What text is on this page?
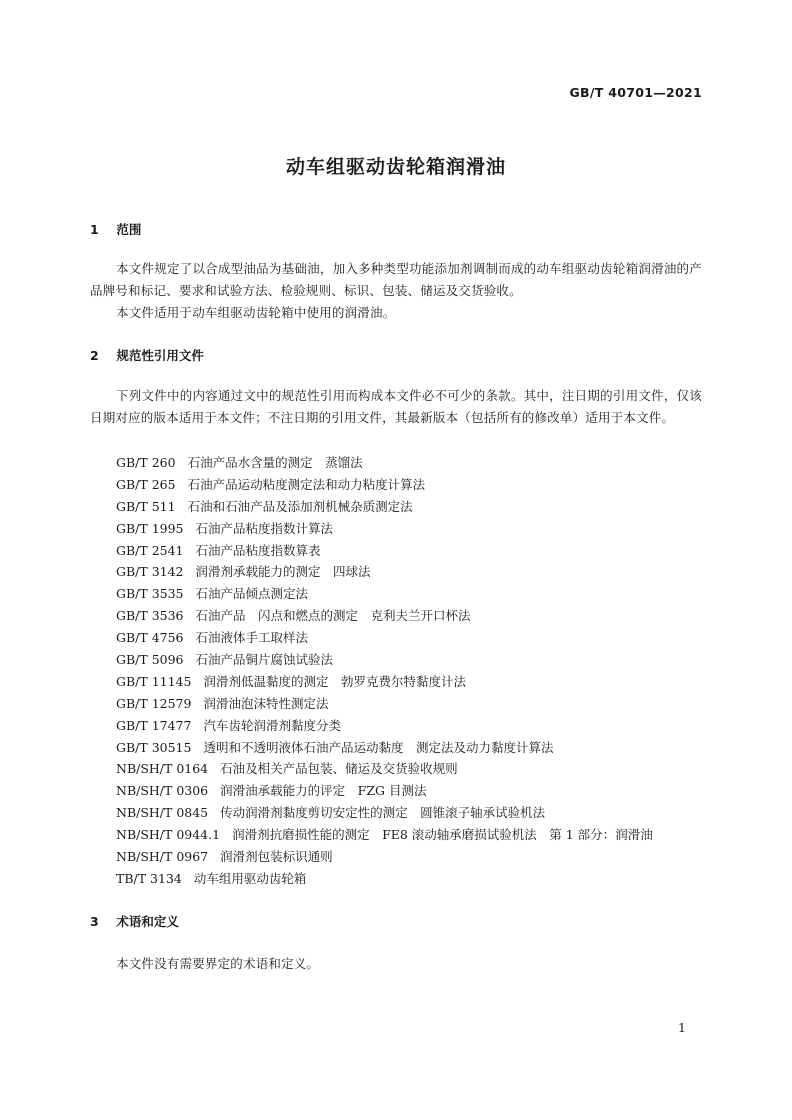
GB/T 40701—2021
动车组驱动齿轮箱润滑油
1 范围

本文件规定了以合成型油品为基础油，加入多种类型功能添加剂调制而成的动车组驱动齿轮箱润滑油的产品牌号和标记、要求和试验方法、检验规则、标识、包装、储运及交货验收。

本文件适用于动车组驱动齿轮箱中使用的润滑油。

2 规范性引用文件

下列文件中的内容通过文中的规范性引用而构成本文件必不可少的条款。其中，注日期的引用文件，仅该日期对应的版本适用于本文件；不注日期的引用文件，其最新版本（包括所有的修改单）适用于本文件。

GB/T 260 石油产品水含量的测定　蒸馏法
GB/T 265 石油产品运动粘度测定法和动力粘度计算法
GB/T 511 石油和石油产品及添加剂机械杂质测定法
GB/T 1995 石油产品粘度指数计算法
GB/T 2541 石油产品粘度指数算表
GB/T 3142 润滑剂承载能力的测定　四球法
GB/T 3535 石油产品倾点测定法
GB/T 3536 石油产品　闪点和燃点的测定　克利夫兰开口杯法
GB/T 4756 石油液体手工取样法
GB/T 5096 石油产品铜片腐蚀试验法
GB/T 11145 润滑剂低温黏度的测定　勃罗克费尔特黏度计法
GB/T 12579 润滑油泡沫特性测定法
GB/T 17477 汽车齿轮润滑剂黏度分类
GB/T 30515 透明和不透明液体石油产品运动黏度　测定法及动力黏度计算法
NB/SH/T 0164 石油及相关产品包装、储运及交货验收规则
NB/SH/T 0306 润滑油承载能力的评定　FZG 目测法
NB/SH/T 0845 传动润滑剂黏度剪切安定性的测定　圆锥滚子轴承试验机法
NB/SH/T 0944.1 润滑剂抗磨损性能的测定　FE8 滚动轴承磨损试验机法　第 1 部分：润滑油
NB/SH/T 0967 润滑剂包装标识通则
TB/T 3134 动车组用驱动齿轮箱
3 术语和定义

本文件没有需要界定的术语和定义。

1
